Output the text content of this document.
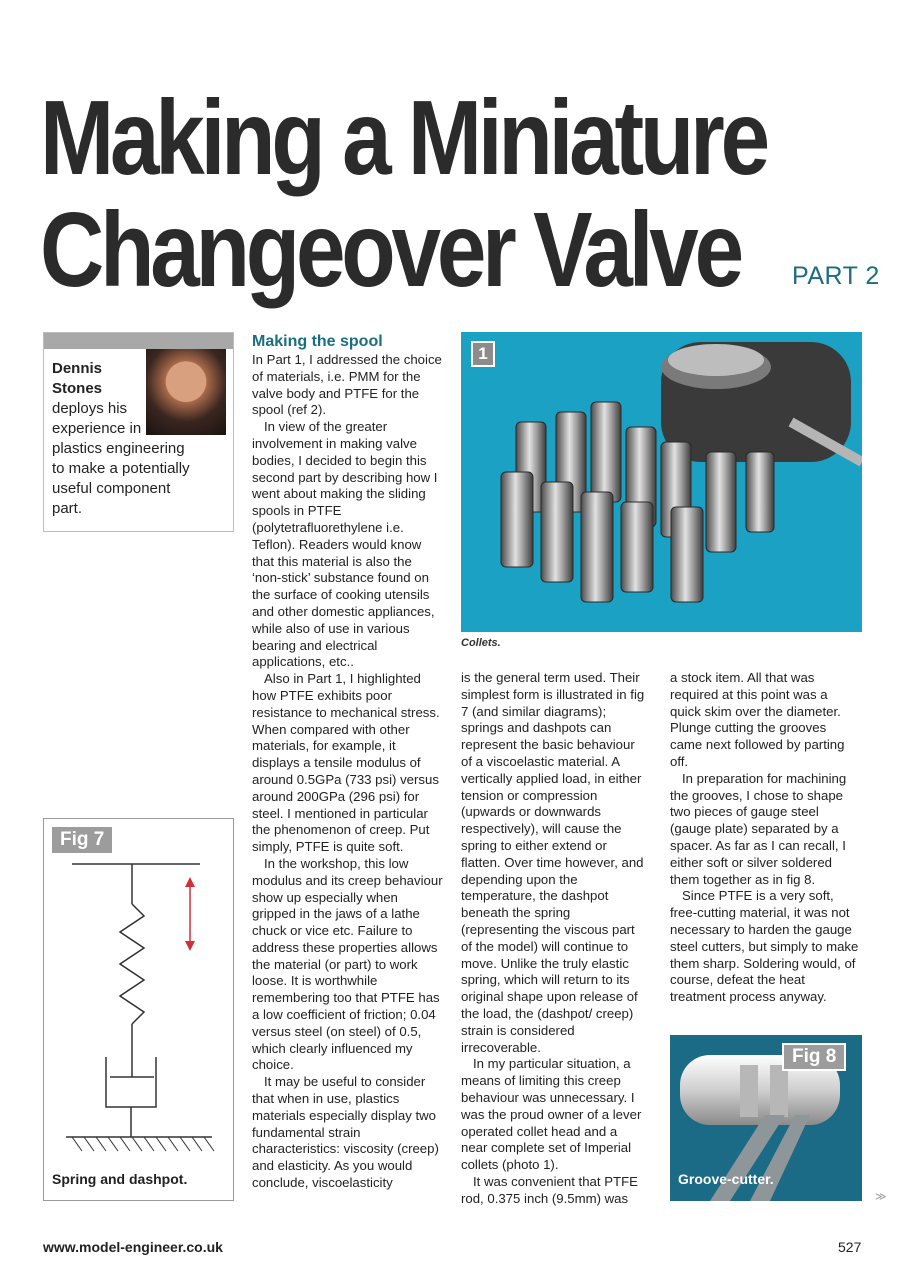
Making a Miniature
Changeover Valve PART 2
Dennis
Stones
deploys his experience in plastics engineering to make a potentially useful component part.
Making the spool

In Part 1, I addressed the choice of materials, i.e. PMM for the valve body and PTFE for the spool (ref 2).

In view of the greater involvement in making valve bodies, I decided to begin this second part by describing how I went about making the sliding spools in PTFE (polytetrafluorethylene i.e. Teflon). Readers would know that this material is also the ‘non-stick’ substance found on the surface of cooking utensils and other domestic appliances, while also of use in various bearing and electrical applications, etc..

Also in Part 1, I highlighted how PTFE exhibits poor resistance to mechanical stress. When compared with other materials, for example, it displays a tensile modulus of around 0.5GPa (733 psi) versus around 200GPa (296 psi) for steel. I mentioned in particular the phenomenon of creep. Put simply, PTFE is quite soft.

In the workshop, this low modulus and its creep behaviour show up especially when gripped in the jaws of a lathe chuck or vice etc. Failure to address these properties allows the material (or part) to work loose. It is worthwhile remembering too that PTFE has a low coefficient of friction; 0.04 versus steel (on steel) of 0.5, which clearly influenced my choice.

It may be useful to consider that when in use, plastics materials especially display two fundamental strain characteristics: viscosity (creep) and elasticity. As you would conclude, viscoelasticity

is the general term used. Their simplest form is illustrated in fig 7 (and similar diagrams); springs and dashpots can represent the basic behaviour of a viscoelastic material. A vertically applied load, in either tension or compression (upwards or downwards respectively), will cause the spring to either extend or flatten. Over time however, and depending upon the temperature, the dashpot beneath the spring (representing the viscous part of the model) will continue to move. Unlike the truly elastic spring, which will return to its original shape upon release of the load, the (dashpot/ creep) strain is considered irrecoverable.

In my particular situation, a means of limiting this creep behaviour was unnecessary. I was the proud owner of a lever operated collet head and a near complete set of Imperial collets (photo 1).

It was convenient that PTFE rod, 0.375 inch (9.5mm) was

a stock item. All that was required at this point was a quick skim over the diameter. Plunge cutting the grooves came next followed by parting off.

In preparation for machining the grooves, I chose to shape two pieces of gauge steel (gauge plate) separated by a spacer. As far as I can recall, I either soft or silver soldered them together as in fig 8.

Since PTFE is a very soft, free-cutting material, it was not necessary to harden the gauge steel cutters, but simply to make them sharp. Soldering would, of course, defeat the heat treatment process anyway.

1
Collets.
Fig 7
Spring and dashpot.
Fig 8
Groove-cutter.
www.model-engineer.co.uk	527
≫
